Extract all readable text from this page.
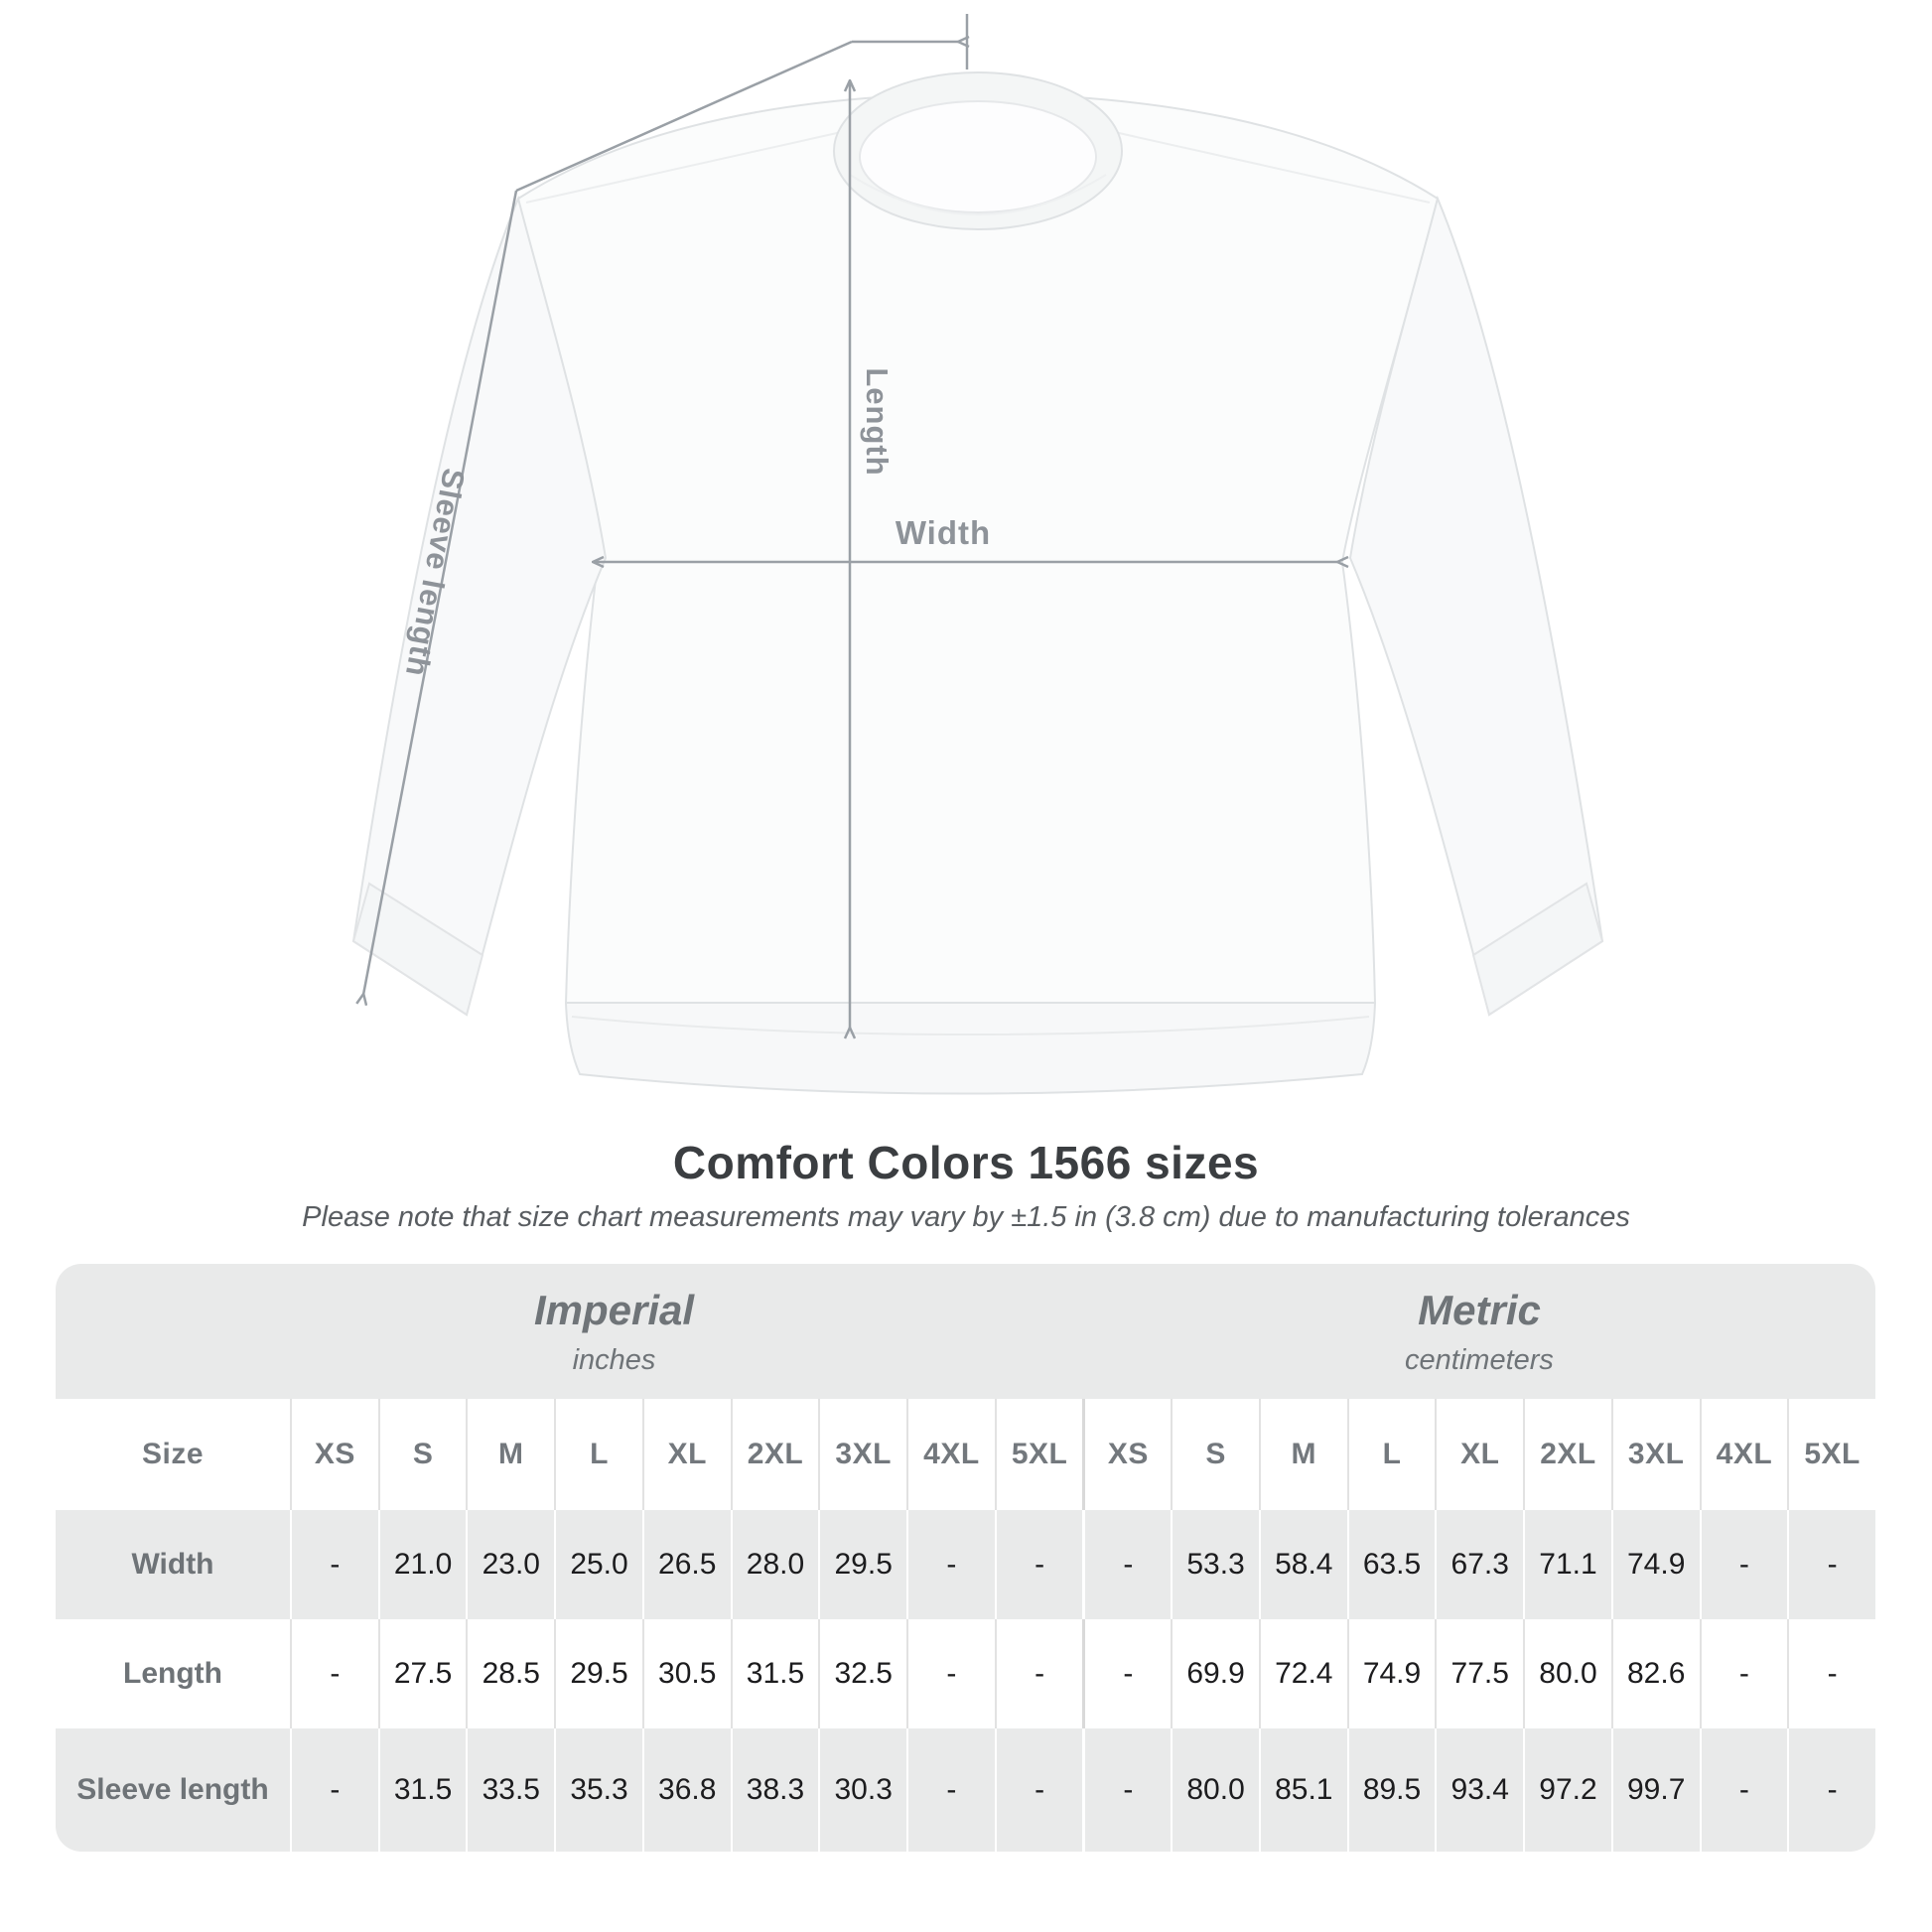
Length
Sleeve length	Width
Comfort Colors 1566 sizes

Please note that size chart measurements may vary by ±1.5 in (3.8 cm) due to manufacturing tolerances

Imperial
inches
Metric
centimeters
Size	XS	S	M	L	XL	2XL	3XL	4XL	5XL	XS	S	M	L	XL	2XL	3XL	4XL	5XL
Width	-	21.0	23.0	25.0	26.5	28.0	29.5	-	-	-	53.3	58.4	63.5	67.3	71.1	74.9	-	-
Length	-	27.5	28.5	29.5	30.5	31.5	32.5	-	-	-	69.9	72.4	74.9	77.5	80.0	82.6	-	-
Sleeve length	-	31.5	33.5	35.3	36.8	38.3	30.3	-	-	-	80.0	85.1	89.5	93.4	97.2	99.7	-	-
